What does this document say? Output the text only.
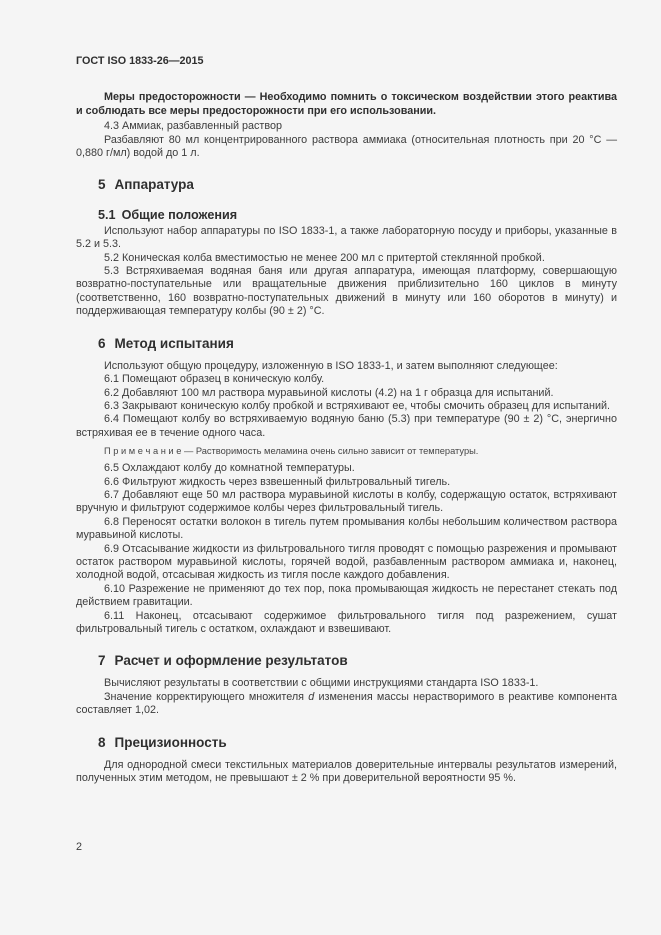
ГОСТ ISO 1833-26—2015

Меры предосторожности — Необходимо помнить о токсическом воздействии этого реактива и соблюдать все меры предосторожности при его использовании.

4.3 Аммиак, разбавленный раствор

Разбавляют 80 мл концентрированного раствора аммиака (относительная плотность при 20 °C — 0,880 г/мл) водой до 1 л.

5 Аппаратура
5.1 Общие положения

Используют набор аппаратуры по ISO 1833-1, а также лабораторную посуду и приборы, указанные в 5.2 и 5.3.

5.2 Коническая колба вместимостью не менее 200 мл с притертой стеклянной пробкой.

5.3 Встряхиваемая водяная баня или другая аппаратура, имеющая платформу, совершающую возвратно-поступательные или вращательные движения приблизительно 160 циклов в минуту (соответственно, 160 возвратно-поступательных движений в минуту или 160 оборотов в минуту) и поддерживающая температуру колбы (90 ± 2) °C.

6 Метод испытания

Используют общую процедуру, изложенную в ISO 1833-1, и затем выполняют следующее:

6.1 Помещают образец в коническую колбу.

6.2 Добавляют 100 мл раствора муравьиной кислоты (4.2) на 1 г образца для испытаний.

6.3 Закрывают коническую колбу пробкой и встряхивают ее, чтобы смочить образец для испытаний.

6.4 Помещают колбу во встряхиваемую водяную баню (5.3) при температуре (90 ± 2) °C, энергично встряхивая ее в течение одного часа.

П р и м е ч а н и е — Растворимость меламина очень сильно зависит от температуры.

6.5 Охлаждают колбу до комнатной температуры.

6.6 Фильтруют жидкость через взвешенный фильтровальный тигель.

6.7 Добавляют еще 50 мл раствора муравьиной кислоты в колбу, содержащую остаток, встряхивают вручную и фильтруют содержимое колбы через фильтровальный тигель.

6.8 Переносят остатки волокон в тигель путем промывания колбы небольшим количеством раствора муравьиной кислоты.

6.9 Отсасывание жидкости из фильтровального тигля проводят с помощью разрежения и промывают остаток раствором муравьиной кислоты, горячей водой, разбавленным раствором аммиака и, наконец, холодной водой, отсасывая жидкость из тигля после каждого добавления.

6.10 Разрежение не применяют до тех пор, пока промывающая жидкость не перестанет стекать под действием гравитации.

6.11 Наконец, отсасывают содержимое фильтровального тигля под разрежением, сушат фильтровальный тигель с остатком, охлаждают и взвешивают.

7 Расчет и оформление результатов

Вычисляют результаты в соответствии с общими инструкциями стандарта ISO 1833-1.

Значение корректирующего множителя d изменения массы нерастворимого в реактиве компонента составляет 1,02.

8 Прецизионность

Для однородной смеси текстильных материалов доверительные интервалы результатов измерений, полученных этим методом, не превышают ± 2 % при доверительной вероятности 95 %.

2
